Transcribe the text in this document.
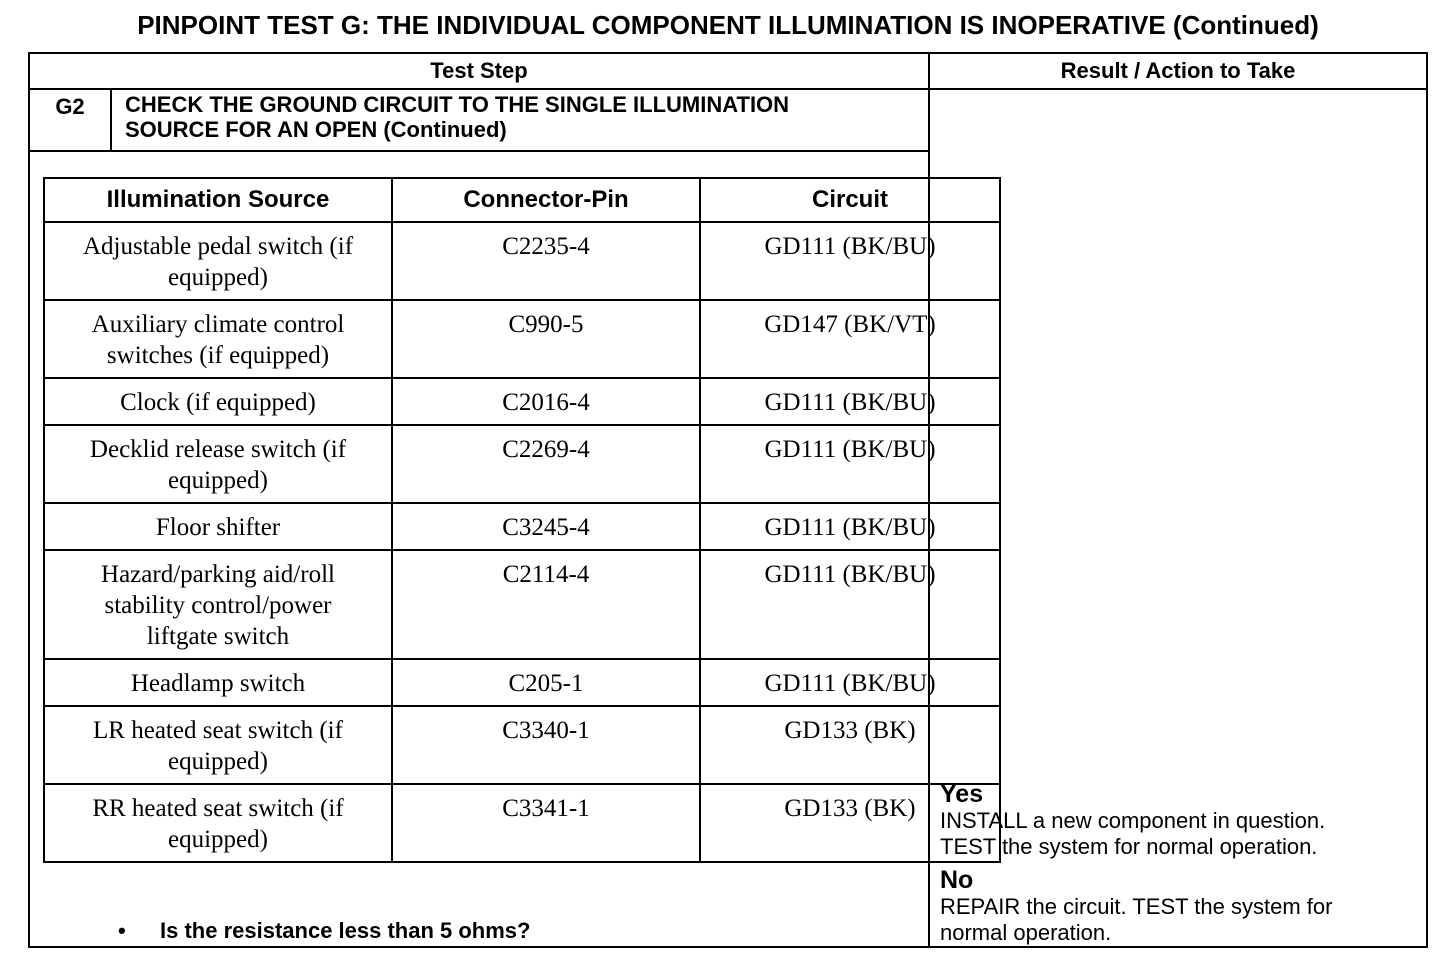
PINPOINT TEST G: THE INDIVIDUAL COMPONENT ILLUMINATION IS INOPERATIVE (Continued)
Test Step	Result / Action to Take
G2	CHECK THE GROUND CIRCUIT TO THE SINGLE ILLUMINATION
SOURCE FOR AN OPEN (Continued)
Illumination Source	Connector-Pin	Circuit
Adjustable pedal switch (if equipped)	C2235-4	GD111 (BK/BU)
Auxiliary climate control switches (if equipped)	C990-5	GD147 (BK/VT)
Clock (if equipped)	C2016-4	GD111 (BK/BU)
Decklid release switch (if equipped)	C2269-4	GD111 (BK/BU)
Floor shifter	C3245-4	GD111 (BK/BU)
Hazard/parking aid/roll stability control/power liftgate switch	C2114-4	GD111 (BK/BU)
Headlamp switch	C205-1	GD111 (BK/BU)
LR heated seat switch (if equipped)	C3340-1	GD133 (BK)
RR heated seat switch (if equipped)	C3341-1	GD133 (BK)
• Is the resistance less than 5 ohms?
Yes
INSTALL a new component in question.
TEST the system for normal operation.
No
REPAIR the circuit. TEST the system for
normal operation.
